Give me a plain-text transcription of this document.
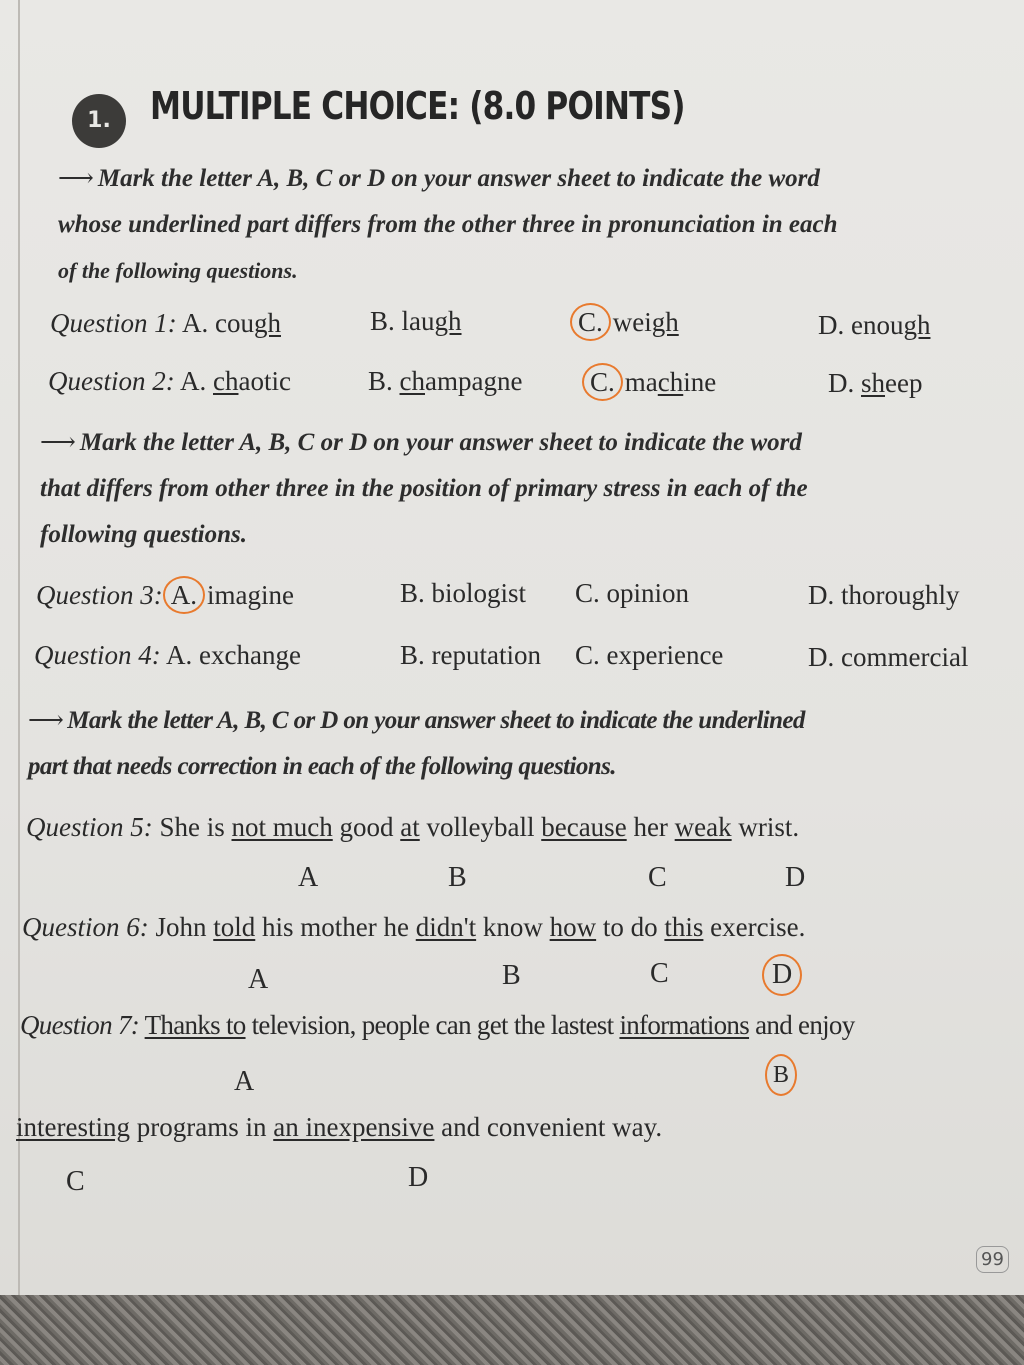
1.	MULTIPLE CHOICE: (8.0 POINTS)
⟶ Mark the letter A, B, C or D on your answer sheet to indicate the word
whose underlined part differs from the other three in pronunciation in each
of the following questions.
Question 1: A. cough	B. laugh	C. weigh	D. enough
Question 2: A. chaotic	B. champagne	C. machine	D. sheep
⟶ Mark the letter A, B, C or D on your answer sheet to indicate the word
that differs from other three in the position of primary stress in each of the
following questions.
Question 3: A. imagine	B. biologist C. opinion	D. thoroughly
Question 4: A. exchange	B. reputation C. experience	D. commercial
⟶ Mark the letter A, B, C or D on your answer sheet to indicate the underlined
part that needs correction in each of the following questions.
Question 5: She is not much good at volleyball because her weak wrist.
A	B	C	D
Question 6: John told his mother he didn't know how to do this exercise.
A	B	C	D
Question 7: Thanks to television, people can get the lastest informations and enjoy
A	B
interesting programs in an inexpensive and convenient way.
C	D
99
